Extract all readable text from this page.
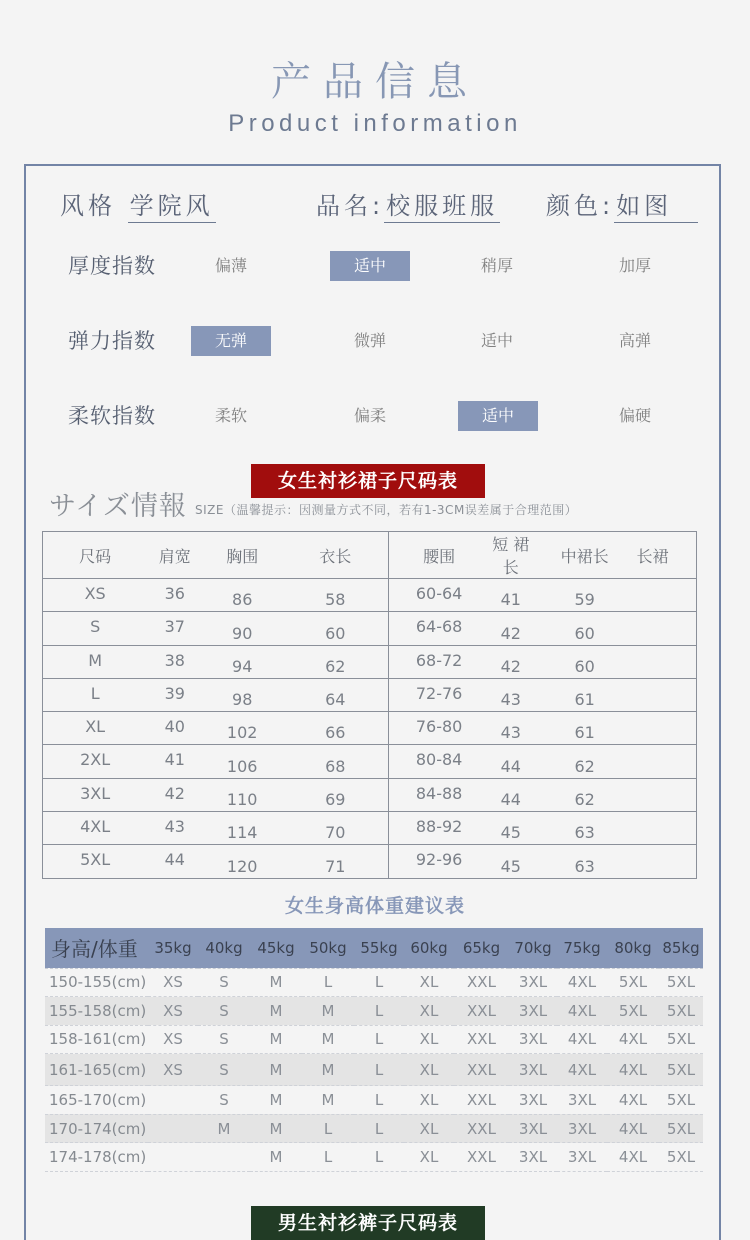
产品信息
Product information
风格 学院风	品名:校服班服 颜色:如图
厚度指数	偏薄	适中	稍厚	加厚
弹力指数	无弹	微弹	适中	高弹
柔软指数	柔软	偏柔	适中	偏硬
女生衬衫裙子尺码表
サイズ情報 SIZE（温馨提示：因测量方式不同，若有1-3CM误差属于合理范围）
尺码	肩宽	胸围	衣长	腰围	短 裙长	中裙长	长裙
XS	36	86	58	60-64	41	59	
S	37	90	60	64-68	42	60	
M	38	94	62	68-72	42	60	
L	39	98	64	72-76	43	61	
XL	40	102	66	76-80	43	61	
2XL	41	106	68	80-84	44	62	
3XL	42	110	69	84-88	44	62	
4XL	43	114	70	88-92	45	63	
5XL	44	120	71	92-96	45	63	
女生身高体重建议表
身高/体重	35kg	40kg	45kg	50kg	55kg	60kg	65kg	70kg	75kg	80kg	85kg
150-155(cm)	XS	S	M	L	L	XL	XXL	3XL	4XL	5XL	5XL
155-158(cm)	XS	S	M	M	L	XL	XXL	3XL	4XL	5XL	5XL
158-161(cm)	XS	S	M	M	L	XL	XXL	3XL	4XL	4XL	5XL
161-165(cm)	XS	S	M	M	L	XL	XXL	3XL	4XL	4XL	5XL
165-170(cm)		S	M	M	L	XL	XXL	3XL	3XL	4XL	5XL
170-174(cm)		M	M	L	L	XL	XXL	3XL	3XL	4XL	5XL
174-178(cm)			M	L	L	XL	XXL	3XL	3XL	4XL	5XL
男生衬衫裤子尺码表
